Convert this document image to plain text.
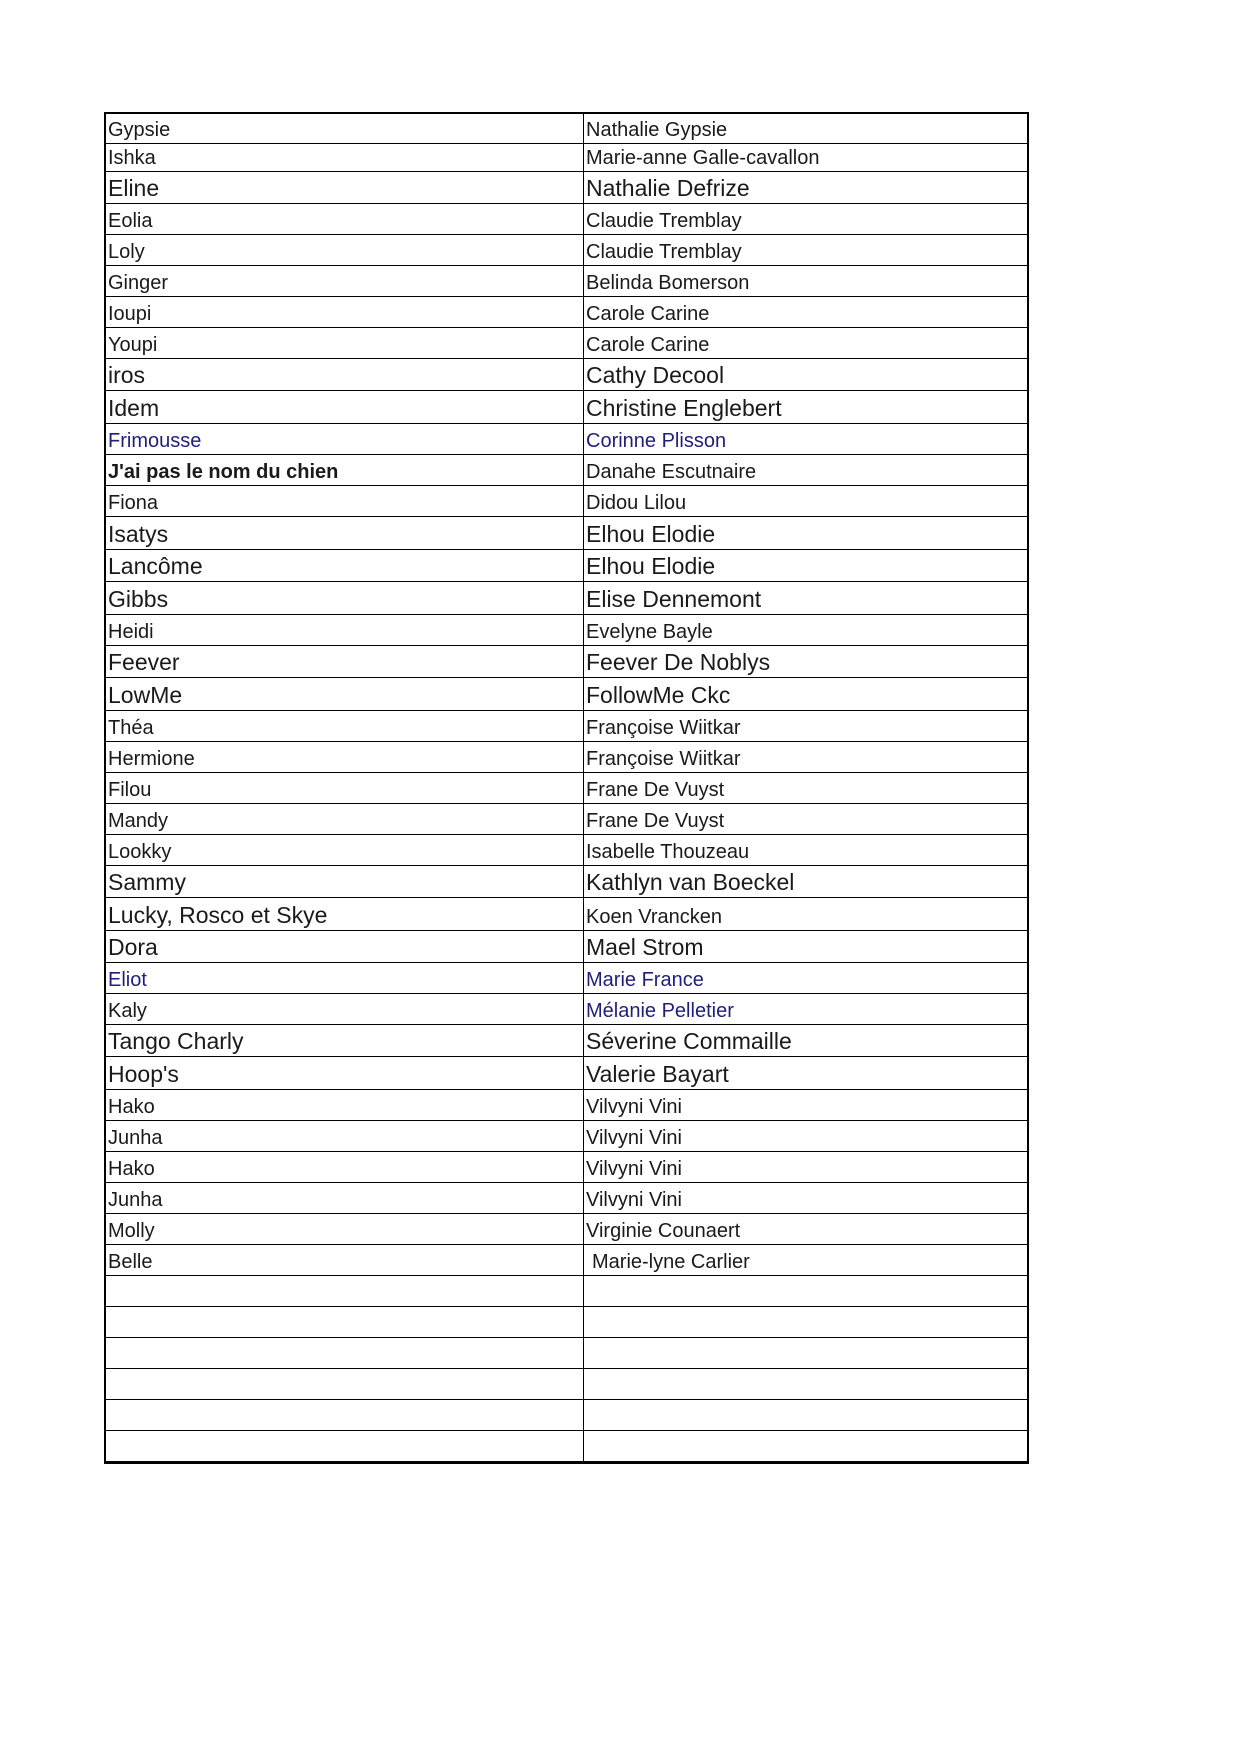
Gypsie	Nathalie Gypsie
Ishka	Marie-anne Galle-cavallon
Eline	Nathalie Defrize
Eolia	Claudie Tremblay
Loly	Claudie Tremblay
Ginger	Belinda Bomerson
Ioupi	Carole Carine
Youpi	Carole Carine
iros	Cathy Decool
Idem	Christine Englebert
Frimousse	Corinne Plisson
J'ai pas le nom du chien	Danahe Escutnaire
Fiona	Didou Lilou
Isatys	Elhou Elodie
Lancôme	Elhou Elodie
Gibbs	Elise Dennemont
Heidi	Evelyne Bayle
Feever	Feever De Noblys
LowMe	FollowMe Ckc
Théa	Françoise Wiitkar
Hermione	Françoise Wiitkar
Filou	Frane De Vuyst
Mandy	Frane De Vuyst
Lookky	Isabelle Thouzeau
Sammy	Kathlyn van Boeckel
Lucky, Rosco et Skye	Koen Vrancken
Dora	Mael Strom
Eliot	Marie France
Kaly	Mélanie Pelletier
Tango Charly	Séverine Commaille
Hoop's	Valerie Bayart
Hako	Vilvyni Vini
Junha	Vilvyni Vini
Hako	Vilvyni Vini
Junha	Vilvyni Vini
Molly	Virginie Counaert
Belle	Marie-lyne Carlier
